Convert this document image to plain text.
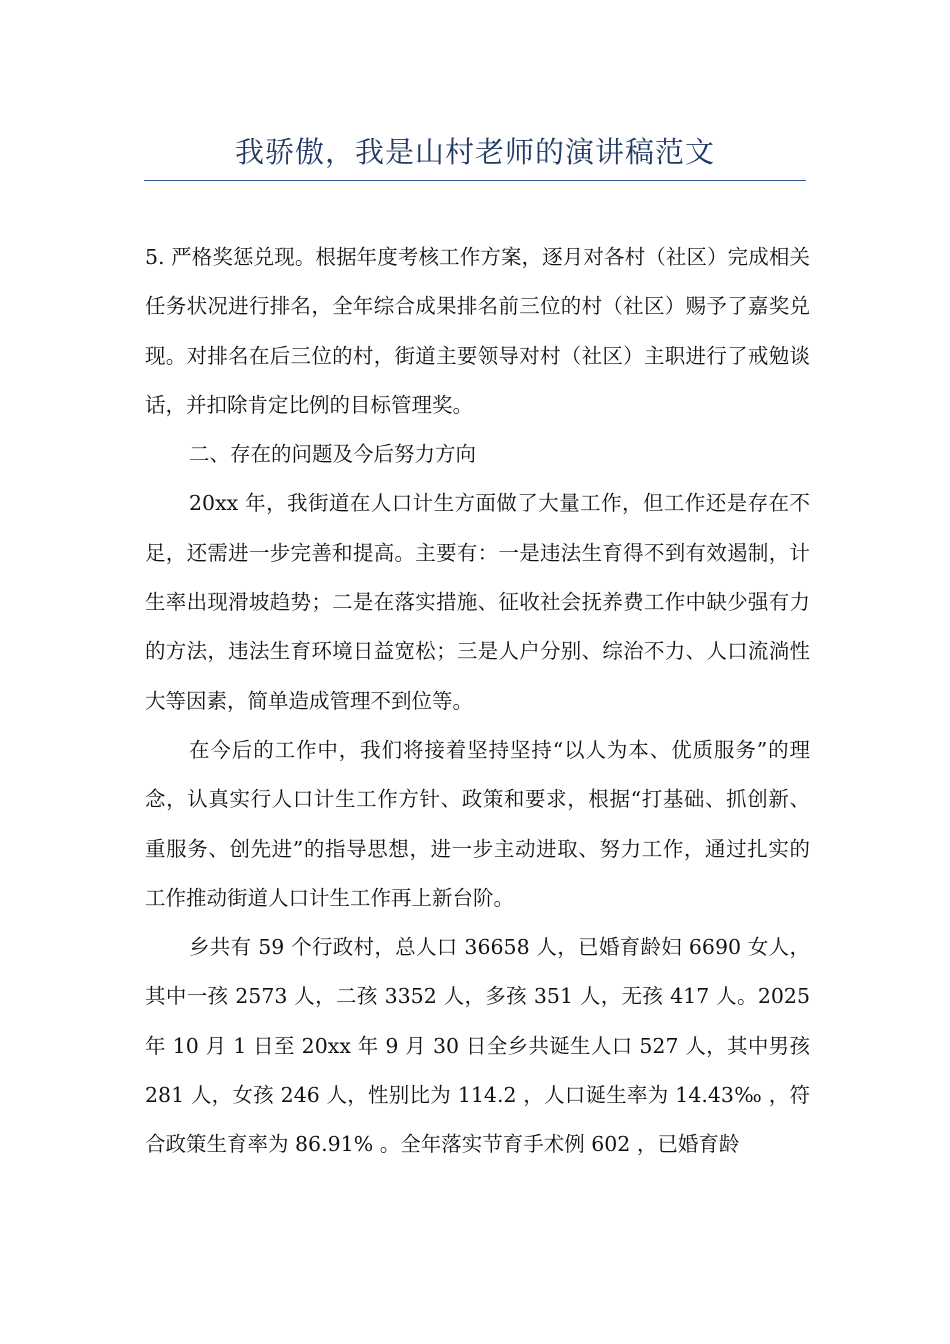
我骄傲，我是山村老师的演讲稿范文

5. 严格奖惩兑现。根据年度考核工作方案，逐月对各村（社区）完成相关任务状况进行排名，全年综合成果排名前三位的村（社区）赐予了嘉奖兑现。对排名在后三位的村，街道主要领导对村（社区）主职进行了戒勉谈话，并扣除肯定比例的目标管理奖。

二、存在的问题及今后努力方向

20xx 年，我街道在人口计生方面做了大量工作，但工作还是存在不足，还需进一步完善和提高。主要有：一是违法生育得不到有效遏制，计生率出现滑坡趋势；二是在落实措施、征收社会抚养费工作中缺少强有力的方法，违法生育环境日益宽松；三是人户分别、综治不力、人口流淌性大等因素，简单造成管理不到位等。

在今后的工作中，我们将接着坚持坚持“以人为本、优质服务”的理念，认真实行人口计生工作方针、政策和要求，根据“打基础、抓创新、重服务、创先进”的指导思想，进一步主动进取、努力工作，通过扎实的工作推动街道人口计生工作再上新台阶。

乡共有 59 个行政村，总人口 36658 人，已婚育龄妇 6690 女人，其中一孩 2573 人，二孩 3352 人，多孩 351 人，无孩 417 人。2025 年 10 月 1 日至 20xx 年 9 月 30 日全乡共诞生人口 527 人，其中男孩 281 人，女孩 246 人，性别比为 114.2 ，人口诞生率为 14.43‰ ，符合政策生育率为 86.91% 。全年落实节育手术例 602 ，已婚育龄
